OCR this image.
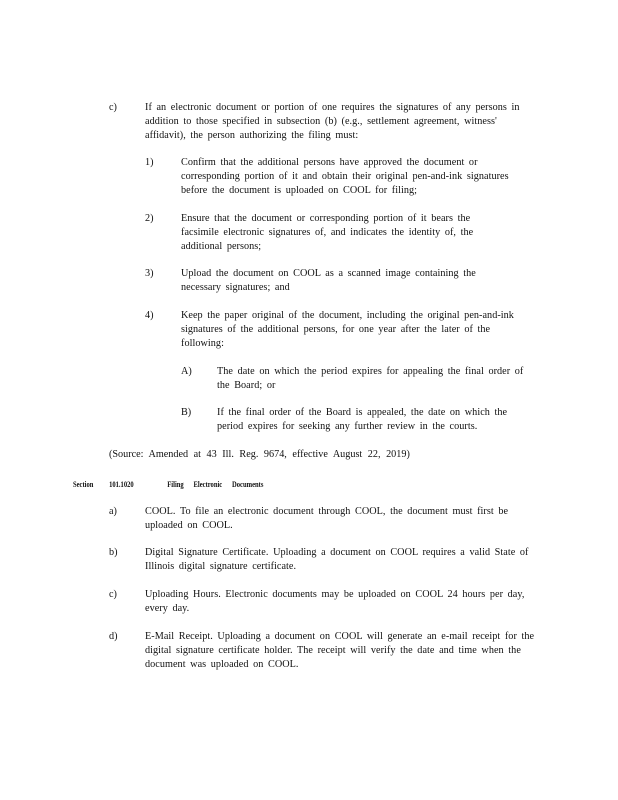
c)	If an electronic document or portion of one requires the signatures of any persons in addition to those specified in subsection (b) (e.g., settlement agreement, witness' affidavit), the person authorizing the filing must:
1)	Confirm that the additional persons have approved the document or corresponding portion of it and obtain their original pen-and-ink signatures before the document is uploaded on COOL for filing;
2)	Ensure that the document or corresponding portion of it bears the facsimile electronic signatures of, and indicates the identity of, the additional persons;
3)	Upload the document on COOL as a scanned image containing the necessary signatures; and
4)	Keep the paper original of the document, including the original pen-and-ink signatures of the additional persons, for one year after the later of the following:
A) The date on which the period expires for appealing the final order of the Board; or
B)	If the final order of the Board is appealed, the date on which the period expires for seeking any further review in the courts.
(Source: Amended at 43 Ill. Reg. 9674, effective August 22, 2019)
Section 101.1020	Filing Electronic Documents
a)	COOL. To file an electronic document through COOL, the document must first be uploaded on COOL.
b)	Digital Signature Certificate. Uploading a document on COOL requires a valid State of Illinois digital signature certificate.
c)	Uploading Hours. Electronic documents may be uploaded on COOL 24 hours per day, every day.
d)	E-Mail Receipt. Uploading a document on COOL will generate an e-mail receipt for the digital signature certificate holder. The receipt will verify the date and time when the document was uploaded on COOL.
